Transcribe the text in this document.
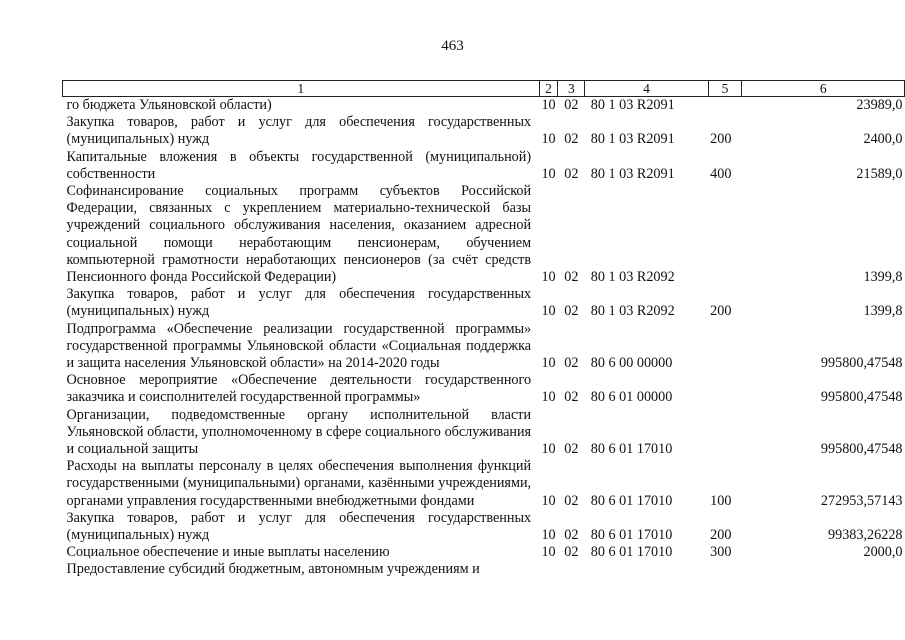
463
1	2	3	4	5	6
го бюджета Ульяновской области)	10	02	80 1 03 R2091		23989,0
Закупка товаров, работ и услуг для обеспечения государственных (муниципальных) нужд	10	02	80 1 03 R2091	200	2400,0
Капитальные вложения в объекты государственной (муниципальной) собственности	10	02	80 1 03 R2091	400	21589,0
Софинансирование социальных программ субъектов Российской Федерации, связанных с укреплением материально-технической базы учреждений социального обслуживания населения, оказанием адресной социальной помощи неработающим пенсионерам, обучением компьютерной грамотности неработающих пенсионеров (за счёт средств Пенсионного фонда Российской Федерации)	10	02	80 1 03 R2092		1399,8
Закупка товаров, работ и услуг для обеспечения государственных (муниципальных) нужд	10	02	80 1 03 R2092	200	1399,8
Подпрограмма «Обеспечение реализации государственной программы» государственной программы Ульяновской области «Социальная поддержка и защита населения Ульяновской области» на 2014-2020 годы	10	02	80 6 00 00000		995800,47548
Основное мероприятие «Обеспечение деятельности государственного заказчика и соисполнителей государственной программы»	10	02	80 6 01 00000		995800,47548
Организации, подведомственные органу исполнительной власти Ульяновской области, уполномоченному в сфере социального обслуживания и социальной защиты	10	02	80 6 01 17010		995800,47548
Расходы на выплаты персоналу в целях обеспечения выполнения функций государственными (муниципальными) органами, казёнными учреждениями, органами управления государственными внебюджетными фондами	10	02	80 6 01 17010	100	272953,57143
Закупка товаров, работ и услуг для обеспечения государственных (муниципальных) нужд	10	02	80 6 01 17010	200	99383,26228
Социальное обеспечение и иные выплаты населению	10	02	80 6 01 17010	300	2000,0
Предоставление субсидий бюджетным, автономным учреждениям и					
